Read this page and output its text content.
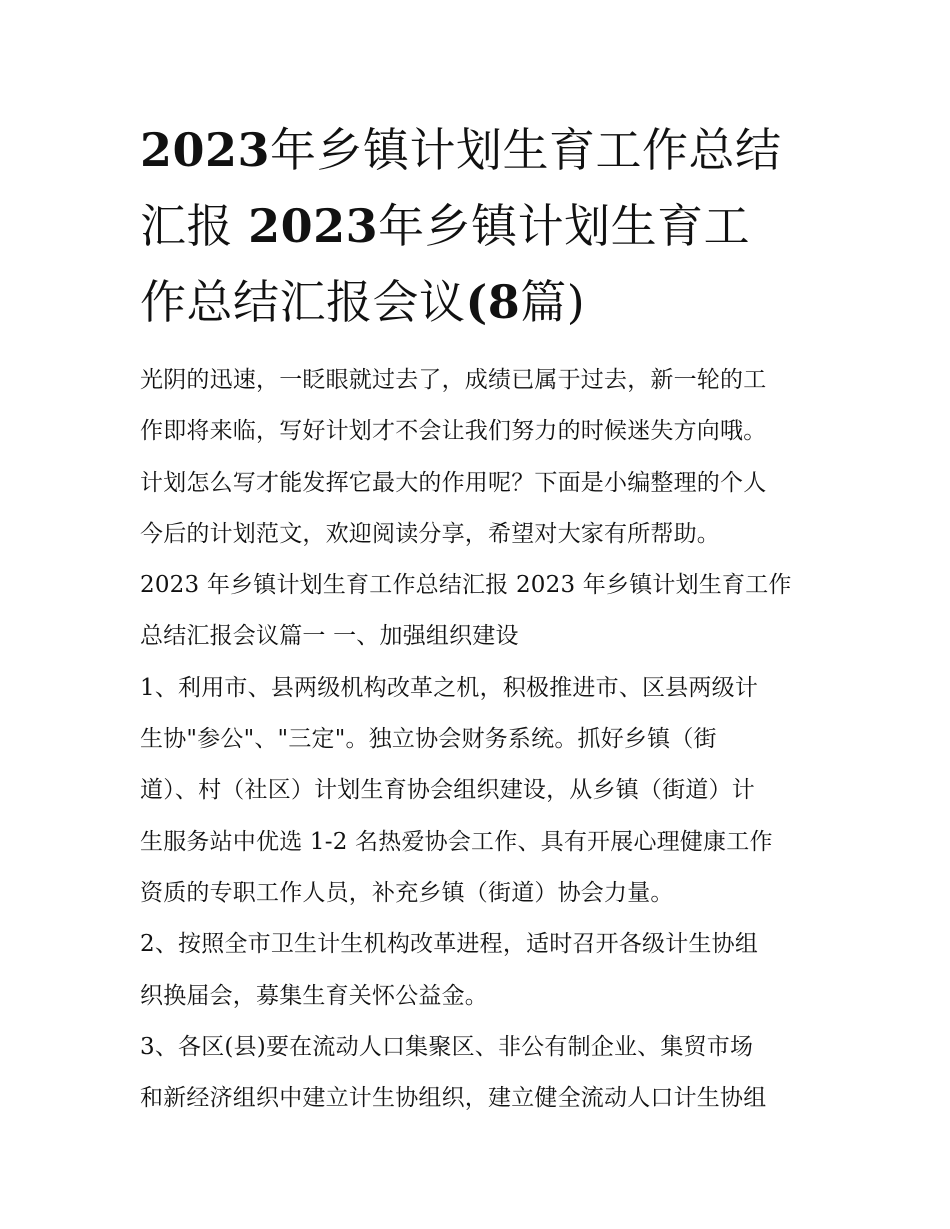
2023年乡镇计划生育工作总结
汇报 2023年乡镇计划生育工
作总结汇报会议(8篇)
光阴的迅速，一眨眼就过去了，成绩已属于过去，新一轮的工
作即将来临，写好计划才不会让我们努力的时候迷失方向哦。
计划怎么写才能发挥它最大的作用呢？下面是小编整理的个人
今后的计划范文，欢迎阅读分享，希望对大家有所帮助。
2023 年乡镇计划生育工作总结汇报 2023 年乡镇计划生育工作
总结汇报会议篇一 一、加强组织建设
1、利用市、县两级机构改革之机，积极推进市、区县两级计
生协"参公"、"三定"。独立协会财务系统。抓好乡镇（街
道）、村（社区）计划生育协会组织建设，从乡镇（街道）计
生服务站中优选 1-2 名热爱协会工作、具有开展心理健康工作
资质的专职工作人员，补充乡镇（街道）协会力量。
2、按照全市卫生计生机构改革进程，适时召开各级计生协组
织换届会，募集生育关怀公益金。
3、各区(县)要在流动人口集聚区、非公有制企业、集贸市场
和新经济组织中建立计生协组织，建立健全流动人口计生协组
